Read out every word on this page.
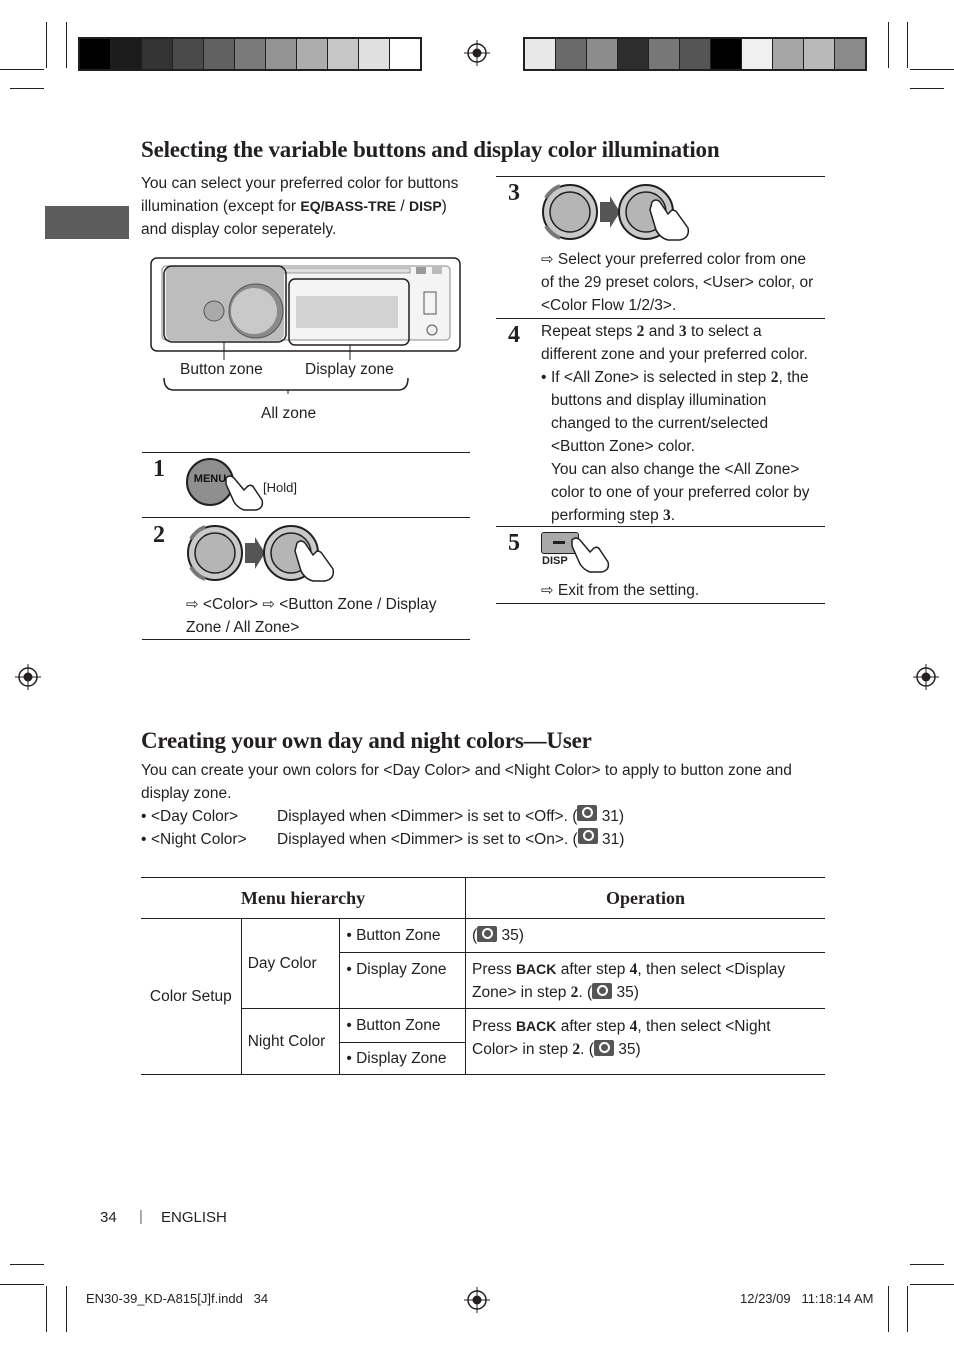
Selecting the variable buttons and display color illumination
You can select your preferred color for buttons illumination (except for EQ/BASS-TRE / DISP) and display color seperately.
Button zone	Display zone
All zone
1	MENU
[Hold]
2
⇨ <Color> ⇨ <Button Zone / Display Zone / All Zone>
3
⇨ Select your preferred color from one of the 29 preset colors, <User> color, or <Color Flow 1/2/3>.
4 Repeat steps 2 and 3 to select a different zone and your preferred color.
• If <All Zone> is selected in step 2, the buttons and display illumination changed to the current/selected <Button Zone> color.
You can also change the <All Zone> color to one of your preferred color by performing step 3.
5
DISP
⇨ Exit from the setting.
Creating your own day and night colors—User
You can create your own colors for <Day Color> and <Night Color> to apply to button zone and display zone.
• <Day Color>	Displayed when <Dimmer> is set to <Off>. (
31)
• <Night Color>	Displayed when <Dimmer> is set to <On>. (
31)
Menu hierarchy			Operation
Color Setup	Day Color	• Button Zone	( 35)
		• Display Zone	Press BACK after step 4, then select <Display Zone> in step 2. ( 35)
	Night Color	• Button Zone	Press BACK after step 4, then select <Night Color> in step 2. ( 35)
		• Display Zone	
34 | ENGLISH
EN30-39_KD-A815[J]f.indd   34	12/23/09   11:18:14 AM
